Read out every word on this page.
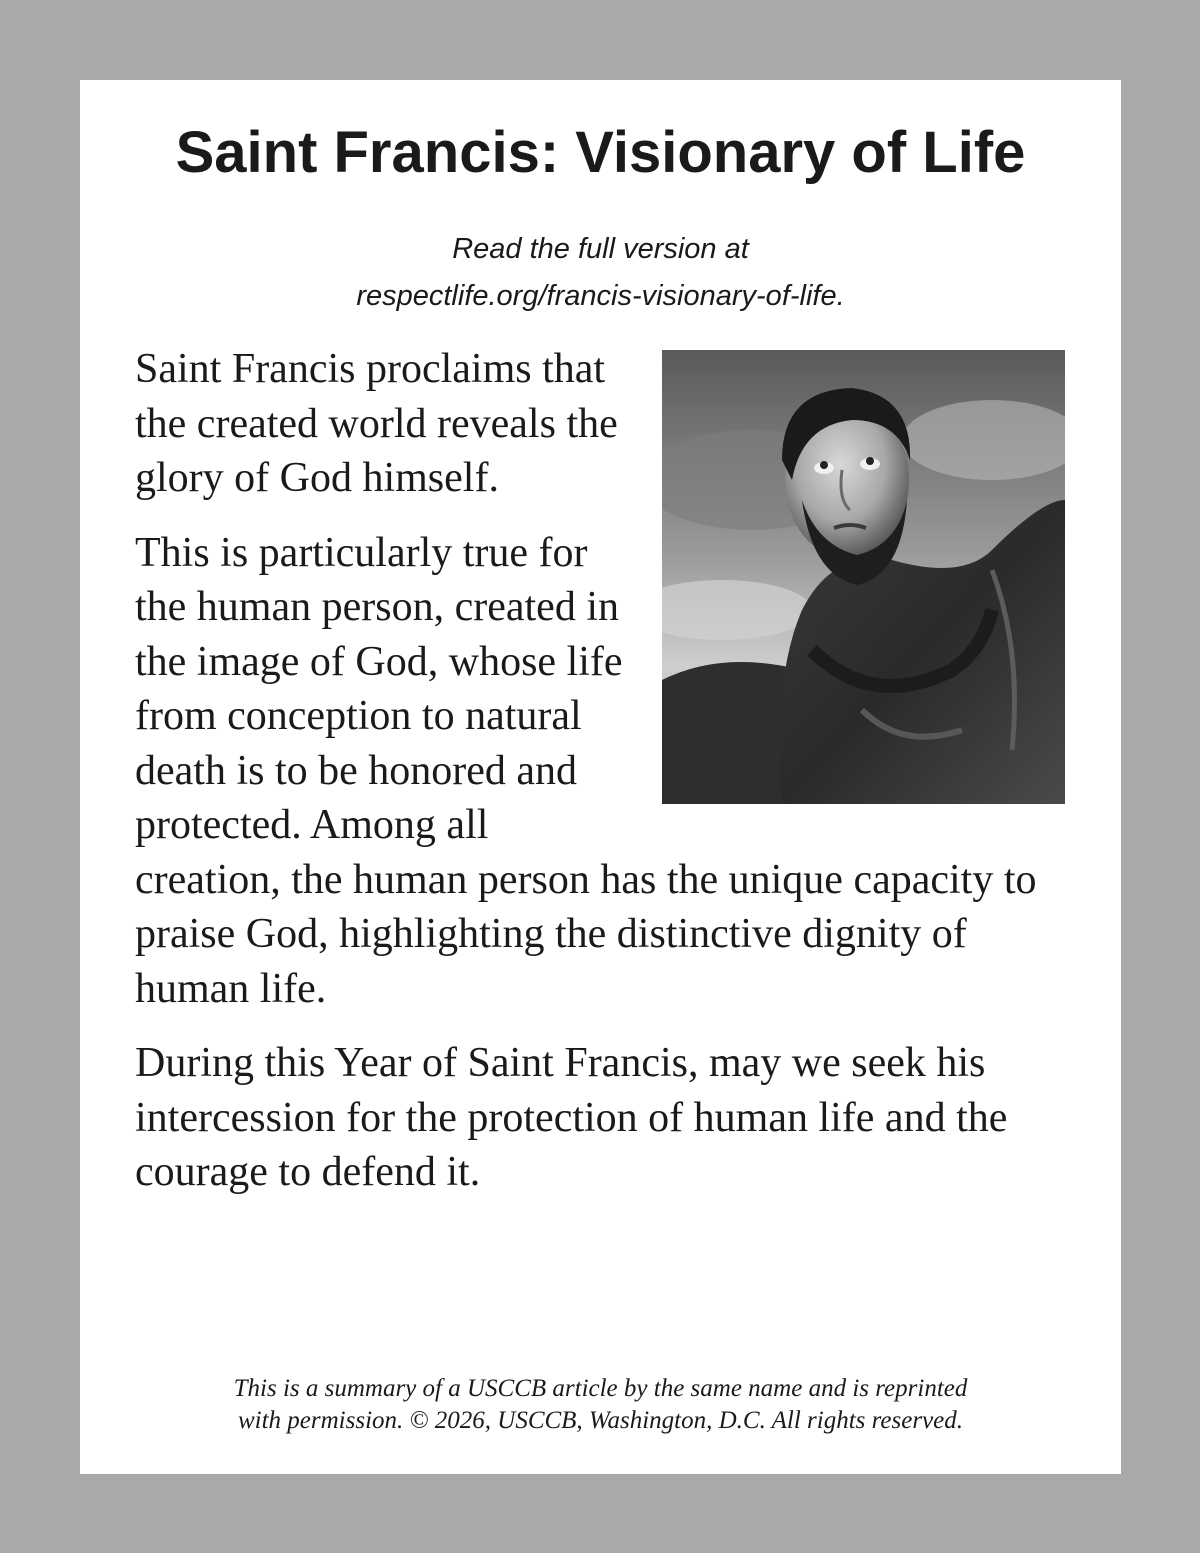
Saint Francis: Visionary of Life
Read the full version at
respectlife.org/francis-visionary-of-life.

Saint Francis proclaims that the created world reveals the glory of God himself.

This is particularly true for the human person, created in the image of God, whose life from conception to natural death is to be honored and protected. Among all creation, the human person has the unique capacity to praise God, highlighting the distinctive dignity of human life.

During this Year of Saint Francis, may we seek his intercession for the protection of human life and the courage to defend it.

This is a summary of a USCCB article by the same name and is reprinted
with permission. © 2026, USCCB, Washington, D.C. All rights reserved.
